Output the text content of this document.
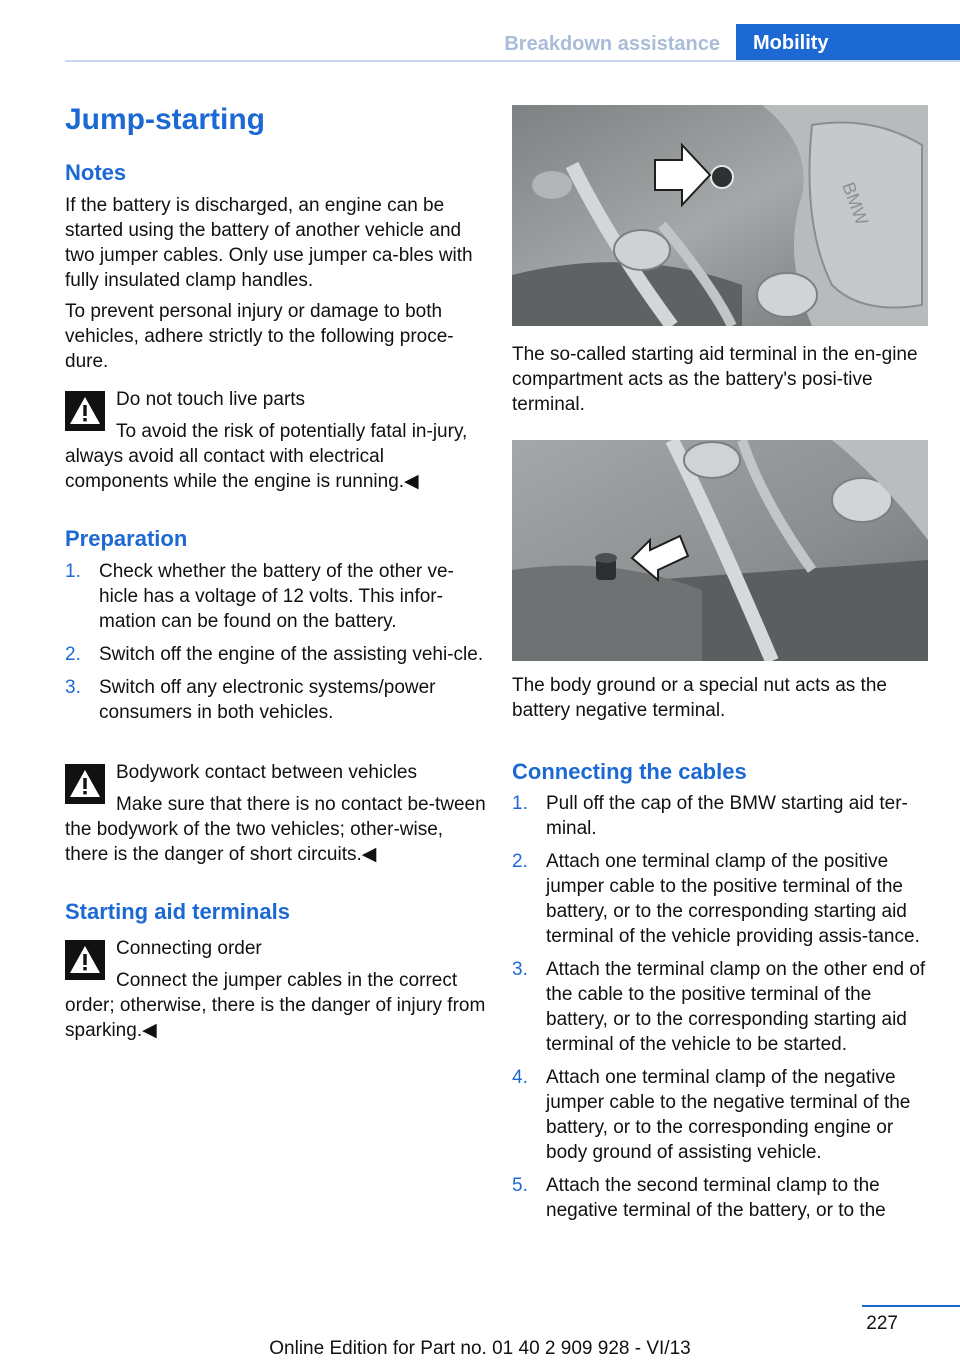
Breakdown assistance	Mobility
Jump-starting
Notes
If the battery is discharged, an engine can be started using the battery of another vehicle and two jumper cables. Only use jumper ca‐bles with fully insulated clamp handles.
To prevent personal injury or damage to both vehicles, adhere strictly to the following proce‐dure.
Do not touch live parts
To avoid the risk of potentially fatal in‐jury, always avoid all contact with electrical components while the engine is running.◀
Preparation
1. Check whether the battery of the other ve‐hicle has a voltage of 12 volts. This infor‐mation can be found on the battery.
2. Switch off the engine of the assisting vehi‐cle.
3. Switch off any electronic systems/power consumers in both vehicles.
Bodywork contact between vehicles
Make sure that there is no contact be‐tween the bodywork of the two vehicles; other‐wise, there is the danger of short circuits.◀
Starting aid terminals
Connecting order
Connect the jumper cables in the correct order; otherwise, there is the danger of injury from sparking.◀
BMW
The so-called starting aid terminal in the en‐gine compartment acts as the battery's posi‐tive terminal.
The body ground or a special nut acts as the battery negative terminal.
Connecting the cables
1. Pull off the cap of the BMW starting aid ter‐minal.
2. Attach one terminal clamp of the positive jumper cable to the positive terminal of the battery, or to the corresponding starting aid terminal of the vehicle providing assis‐tance.
3. Attach the terminal clamp on the other end of the cable to the positive terminal of the battery, or to the corresponding starting aid terminal of the vehicle to be started.
4. Attach one terminal clamp of the negative jumper cable to the negative terminal of the battery, or to the corresponding engine or body ground of assisting vehicle.
5. Attach the second terminal clamp to the negative terminal of the battery, or to the
227
Online Edition for Part no. 01 40 2 909 928 - VI/13
